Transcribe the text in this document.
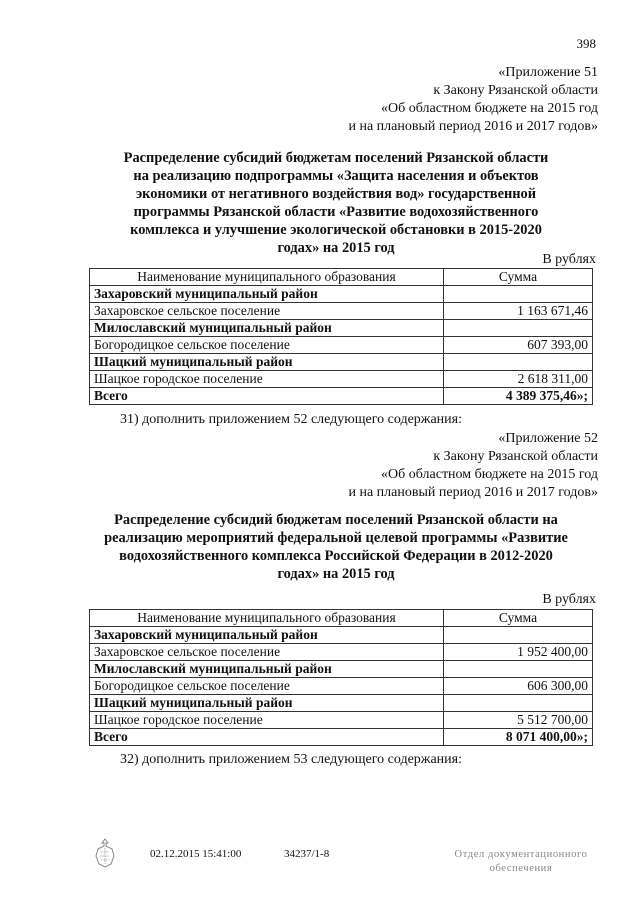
398
«Приложение 51
к Закону Рязанской области
«Об областном бюджете на 2015 год
и на плановый период 2016 и 2017 годов»
Распределение субсидий бюджетам поселений Рязанской области
на реализацию подпрограммы «Защита населения и объектов
экономики от негативного воздействия вод» государственной
программы Рязанской области «Развитие водохозяйственного
комплекса и улучшение экологической обстановки в 2015-2020
годах» на 2015 год
В рублях
Наименование муниципального образования	Сумма
Захаровский муниципальный район	
Захаровское сельское поселение	1 163 671,46
Милославский муниципальный район	
Богородицкое сельское поселение	607 393,00
Шацкий муниципальный район	
Шацкое городское поселение	2 618 311,00
Всего	4 389 375,46»;
31) дополнить приложением 52 следующего содержания:
«Приложение 52
к Закону Рязанской области
«Об областном бюджете на 2015 год
и на плановый период 2016 и 2017 годов»
Распределение субсидий бюджетам поселений Рязанской области на
реализацию мероприятий федеральной целевой программы «Развитие
водохозяйственного комплекса Российской Федерации в 2012-2020
годах» на 2015 год
В рублях
Наименование муниципального образования	Сумма
Захаровский муниципальный район	
Захаровское сельское поселение	1 952 400,00
Милославский муниципальный район	
Богородицкое сельское поселение	606 300,00
Шацкий муниципальный район	
Шацкое городское поселение	5 512 700,00
Всего	8 071 400,00»;
32) дополнить приложением 53 следующего содержания:
02.12.2015 15:41:00	34237/1-8	Отдел документационного
обеспечения
